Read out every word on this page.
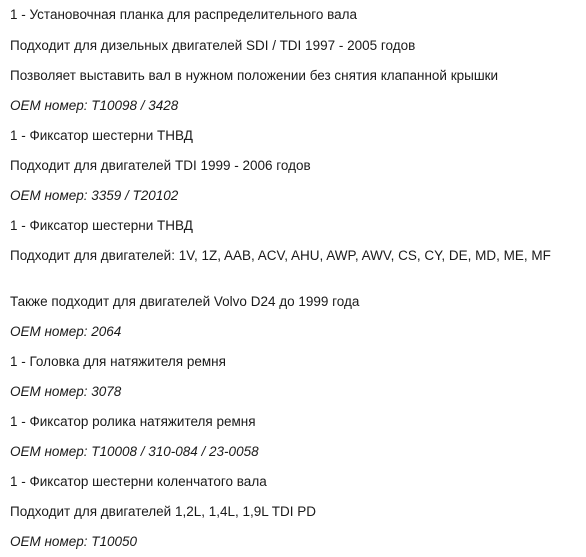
1 - Установочная планка для распределительного вала
Подходит для дизельных двигателей SDI / TDI 1997 - 2005 годов
Позволяет выставить вал в нужном положении без снятия клапанной крышки
OEM номер: T10098 / 3428
1 - Фиксатор шестерни ТНВД
Подходит для двигателей TDI 1999 - 2006 годов
OEM номер: 3359 / T20102
1 - Фиксатор шестерни ТНВД
Подходит для двигателей: 1V, 1Z, AAB, ACV, AHU, AWP, AWV, CS, CY, DE, MD, ME, MF
Также подходит для двигателей Volvo D24 до 1999 года
OEM номер: 2064
1 - Головка для натяжителя ремня
OEM номер: 3078
1 - Фиксатор ролика натяжителя ремня
OEM номер: T10008 / 310-084 / 23-0058
1 - Фиксатор шестерни коленчатого вала
Подходит для двигателей 1,2L, 1,4L, 1,9L TDI PD
OEM номер: T10050
